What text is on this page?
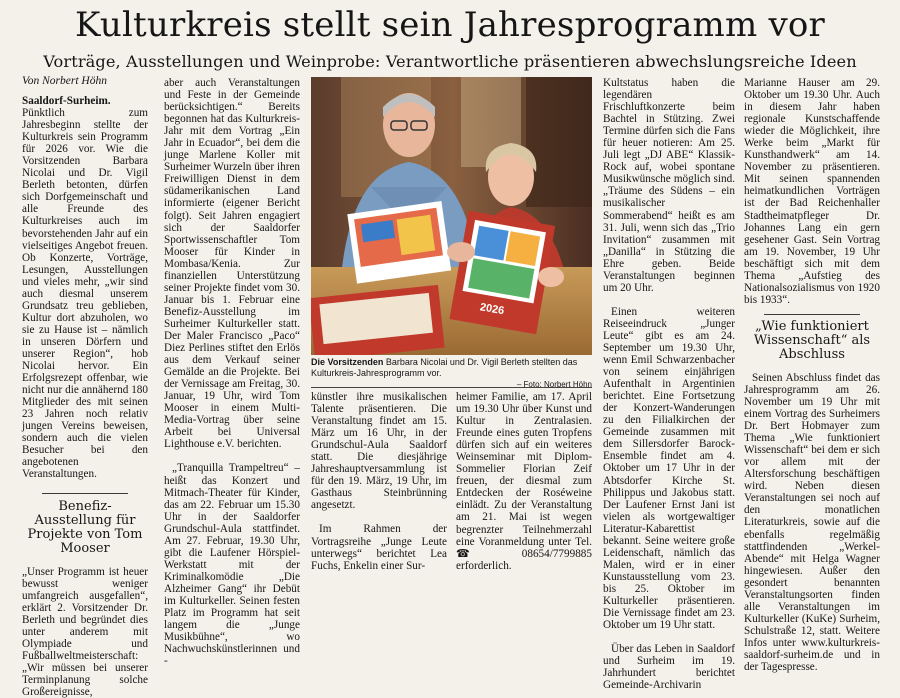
Kulturkreis stellt sein Jahresprogramm vor
Vorträge, Ausstellungen und Weinprobe: Verantwortliche präsentieren abwechslungsreiche Ideen
Von Norbert Höhn

Saaldorf-Surheim. Pünktlich zum Jahresbeginn stellte der Kulturkreis sein Programm für 2026 vor. Wie die Vorsitzenden Barbara Nicolai und Dr. Vigil Berleth betonten, dürfen sich Dorfgemeinschaft und alle Freunde des Kulturkreises auch im bevorstehenden Jahr auf ein vielseitiges Angebot freuen. Ob Konzerte, Vorträge, Lesungen, Ausstellungen und vieles mehr, „wir sind auch diesmal unserem Grundsatz treu geblieben, Kultur dort abzuholen, wo sie zu Hause ist – nämlich in unseren Dörfern und unserer Region“, hob Nicolai hervor. Ein Erfolgsrezept offenbar, wie nicht nur die annähernd 180 Mitglieder des mit seinen 23 Jahren noch relativ jungen Vereins beweisen, sondern auch die vielen Besucher bei den angebotenen Veranstaltungen.

Benefiz-Ausstellung für Projekte von Tom Mooser

„Unser Programm ist heuer bewusst weniger umfangreich ausgefallen“, erklärt 2. Vorsitzender Dr. Berleth und begründet dies unter anderem mit Olympiade und Fußballweltmeisterschaft: „Wir müssen bei unserer Terminplanung solche Großereignisse,

aber auch Veranstaltungen und Feste in der Gemeinde berücksichtigen.“ Bereits begonnen hat das Kulturkreis-Jahr mit dem Vortrag „Ein Jahr in Ecuador“, bei dem die junge Marlene Koller mit Surheimer Wurzeln über ihren Freiwilligen Dienst in dem südamerikanischen Land informierte (eigener Bericht folgt). Seit Jahren engagiert sich der Saaldorfer Sportwissenschaftler Tom Mooser für Kinder in Mombasa/Kenia. Zur finanziellen Unterstützung seiner Projekte findet vom 30. Januar bis 1. Februar eine Benefiz-Ausstellung im Surheimer Kulturkeller statt. Der Maler Francisco „Paco“ Diez Perlines stiftet den Erlös aus dem Verkauf seiner Gemälde an die Projekte. Bei der Vernissage am Freitag, 30. Januar, 19 Uhr, wird Tom Mooser in einem Multi-Media-Vortrag über seine Arbeit bei Universal Lighthouse e.V. berichten.

„Tranquilla Trampeltreu“ – heißt das Konzert und Mitmach-Theater für Kinder, das am 22. Februar um 15.30 Uhr in der Saaldorfer Grundschul-Aula stattfindet. Am 27. Februar, 19.30 Uhr, gibt die Laufener Hörspiel-Werkstatt mit der Kriminalkomödie „Die Alzheimer Gang“ ihr Debüt im Kulturkeller. Seinen festen Platz im Programm hat seit langem die „Junge Musikbühne“, wo Nachwuchskünstlerinnen und -

2026
Die Vorsitzenden Barbara Nicolai und Dr. Vigil Berleth stellten das Kulturkreis-Jahresprogramm vor.
– Foto: Norbert Höhn

künstler ihre musikalischen Talente präsentieren. Die Veranstaltung findet am 15. März um 16 Uhr, in der Grundschul-Aula Saaldorf statt. Die diesjährige Jahreshauptversammlung ist für den 19. März, 19 Uhr, im Gasthaus Steinbrünning angesetzt.

Im Rahmen der Vortragsreihe „Junge Leute unterwegs“ berichtet Lea Fuchs, Enkelin einer Sur-

heimer Familie, am 17. April um 19.30 Uhr über Kunst und Kultur in Zentralasien. Freunde eines guten Tropfens dürfen sich auf ein weiteres Weinseminar mit Diplom-Sommelier Florian Zeif freuen, der diesmal zum Entdecken der Roséweine einlädt. Zu der Veranstaltung am 21. Mai ist wegen begrenzter Teilnehmerzahl eine Voranmeldung unter Tel. ☎ 08654/7799885 erforderlich.

Kultstatus haben die legendären Frischluftkonzerte beim Bachtel in Stützing. Zwei Termine dürfen sich die Fans für heuer notieren: Am 25. Juli legt „DJ ABE“ Klassik-Rock auf, wobei spontane Musikwünsche möglich sind. „Träume des Südens – ein musikalischer Sommerabend“ heißt es am 31. Juli, wenn sich das „Trio Invitation“ zusammen mit „Danilla“ in Stützing die Ehre geben. Beide Veranstaltungen beginnen um 20 Uhr.

Einen weiteren Reiseeindruck „Junger Leute“ gibt es am 24. September um 19.30 Uhr, wenn Emil Schwarzenbacher von seinem einjährigen Aufenthalt in Argentinien berichtet. Eine Fortsetzung der Konzert-Wanderungen zu den Filialkirchen der Gemeinde zusammen mit dem Sillersdorfer Barock-Ensemble findet am 4. Oktober um 17 Uhr in der Abtsdorfer Kirche St. Philippus und Jakobus statt. Der Laufener Ernst Jani ist vielen als wortgewaltiger Literatur-Kabarettist bekannt. Seine weitere große Leidenschaft, nämlich das Malen, wird er in einer Kunstausstellung vom 23. bis 25. Oktober im Kulturkeller präsentieren. Die Vernissage findet am 23. Oktober um 19 Uhr statt.

Über das Leben in Saaldorf und Surheim im 19. Jahrhundert berichtet Gemeinde-Archivarin

Marianne Hauser am 29. Oktober um 19.30 Uhr. Auch in diesem Jahr haben regionale Kunstschaffende wieder die Möglichkeit, ihre Werke beim „Markt für Kunsthandwerk“ am 14. November zu präsentieren. Mit seinen spannenden heimatkundlichen Vorträgen ist der Bad Reichenhaller Stadtheimatpfleger Dr. Johannes Lang ein gern gesehener Gast. Sein Vortrag am 19. November, 19 Uhr beschäftigt sich mit dem Thema „Aufstieg des Nationalsozialismus von 1920 bis 1933“.

„Wie funktioniert Wissenschaft“ als Abschluss

Seinen Abschluss findet das Jahresprogramm am 26. November um 19 Uhr mit einem Vortrag des Surheimers Dr. Bert Hobmayer zum Thema „Wie funktioniert Wissenschaft“ bei dem er sich vor allem mit der Altersforschung beschäftigen wird. Neben diesen Veranstaltungen sei noch auf den monatlichen Literaturkreis, sowie auf die ebenfalls regelmäßig stattfindenden „Werkel-Abende“ mit Helga Wagner hingewiesen. Außer den gesondert benannten Veranstaltungsorten finden alle Veranstaltungen im Kulturkeller (KuKe) Surheim, Schulstraße 12, statt. Weitere Infos unter www.kulturkreis-saaldorf-surheim.de und in der Tagespresse.
